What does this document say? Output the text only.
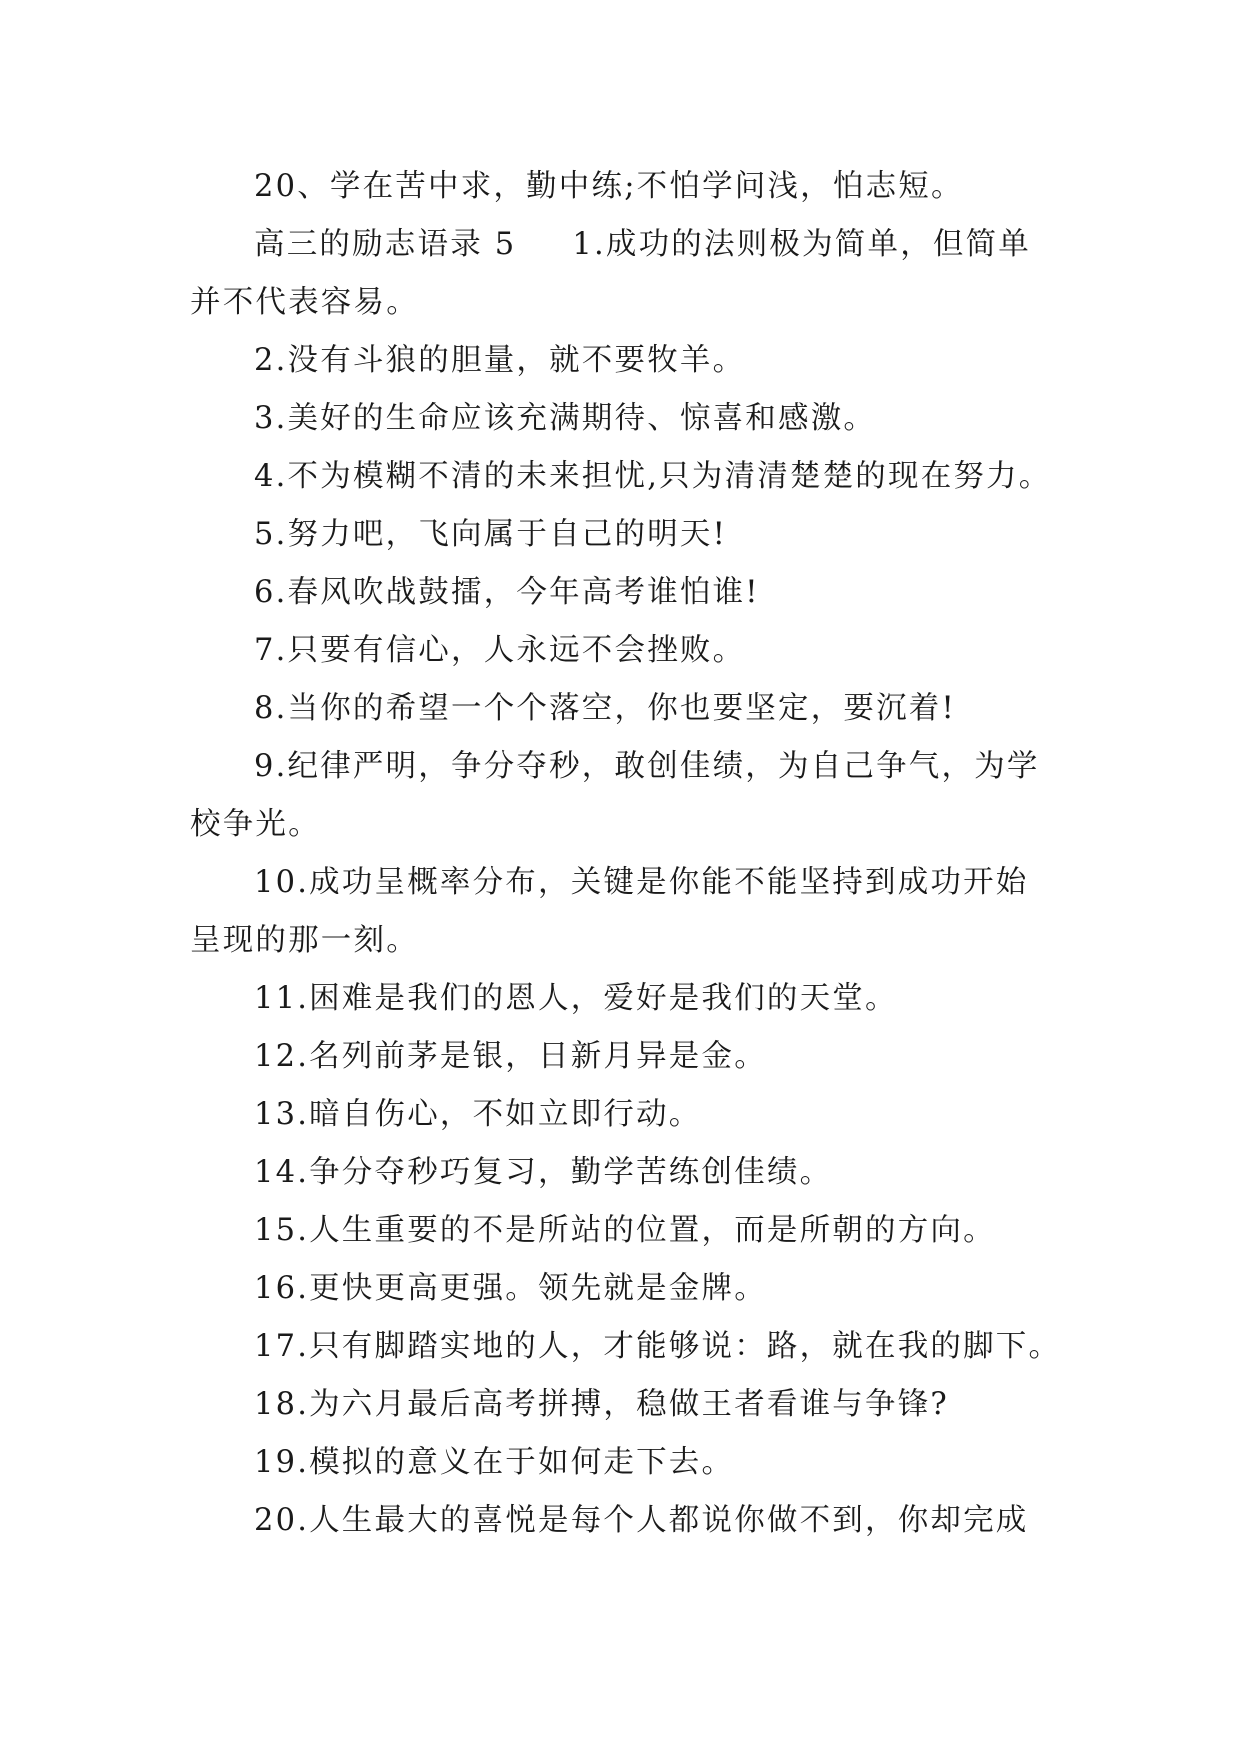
20、学在苦中求，勤中练;不怕学问浅，怕志短。

高三的励志语录 5 1.成功的法则极为简单，但简单并不代表容易。

2.没有斗狼的胆量，就不要牧羊。

3.美好的生命应该充满期待、惊喜和感激。

4.不为模糊不清的未来担忧,只为清清楚楚的现在努力。

5.努力吧，飞向属于自己的明天!

6.春风吹战鼓擂，今年高考谁怕谁!

7.只要有信心，人永远不会挫败。

8.当你的希望一个个落空，你也要坚定，要沉着!

9.纪律严明，争分夺秒，敢创佳绩，为自己争气，为学校争光。

10.成功呈概率分布，关键是你能不能坚持到成功开始呈现的那一刻。

11.困难是我们的恩人，爱好是我们的天堂。

12.名列前茅是银，日新月异是金。

13.暗自伤心，不如立即行动。

14.争分夺秒巧复习，勤学苦练创佳绩。

15.人生重要的不是所站的位置，而是所朝的方向。

16.更快更高更强。领先就是金牌。

17.只有脚踏实地的人，才能够说：路，就在我的脚下。

18.为六月最后高考拼搏，稳做王者看谁与争锋?

19.模拟的意义在于如何走下去。

20.人生最大的喜悦是每个人都说你做不到，你却完成
